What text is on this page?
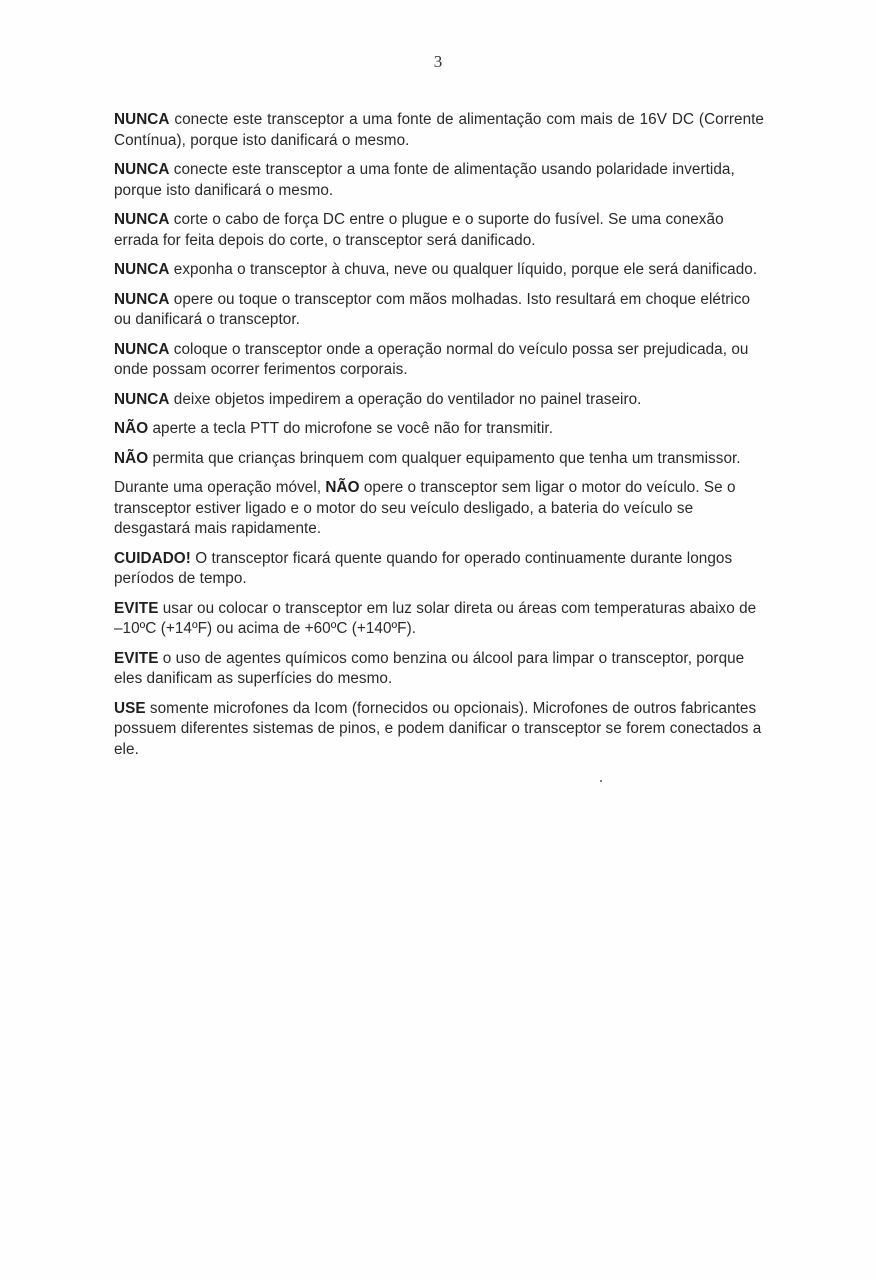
3

NUNCA conecte este transceptor a uma fonte de alimentação com mais de 16V DC (Corrente Contínua), porque isto danificará o mesmo.

NUNCA conecte este transceptor a uma fonte de alimentação usando polaridade invertida, porque isto danificará o mesmo.

NUNCA corte o cabo de força DC entre o plugue e o suporte do fusível. Se uma conexão errada for feita depois do corte, o transceptor será danificado.

NUNCA exponha o transceptor à chuva, neve ou qualquer líquido, porque ele será danificado.

NUNCA opere ou toque o transceptor com mãos molhadas. Isto resultará em choque elétrico ou danificará o transceptor.

NUNCA coloque o transceptor onde a operação normal do veículo possa ser prejudicada, ou onde possam ocorrer ferimentos corporais.

NUNCA deixe objetos impedirem a operação do ventilador no painel traseiro.

NÃO aperte a tecla PTT do microfone se você não for transmitir.

NÃO permita que crianças brinquem com qualquer equipamento que tenha um transmissor.

Durante uma operação móvel, NÃO opere o transceptor sem ligar o motor do veículo. Se o transceptor estiver ligado e o motor do seu veículo desligado, a bateria do veículo se desgastará mais rapidamente.

CUIDADO! O transceptor ficará quente quando for operado continuamente durante longos períodos de tempo.

EVITE usar ou colocar o transceptor em luz solar direta ou áreas com temperaturas abaixo de –10ºC (+14ºF) ou acima de +60ºC (+140ºF).

EVITE o uso de agentes químicos como benzina ou álcool para limpar o transceptor, porque eles danificam as superfícies do mesmo.

USE somente microfones da Icom (fornecidos ou opcionais). Microfones de outros fabricantes possuem diferentes sistemas de pinos, e podem danificar o transceptor se forem conectados a ele.
